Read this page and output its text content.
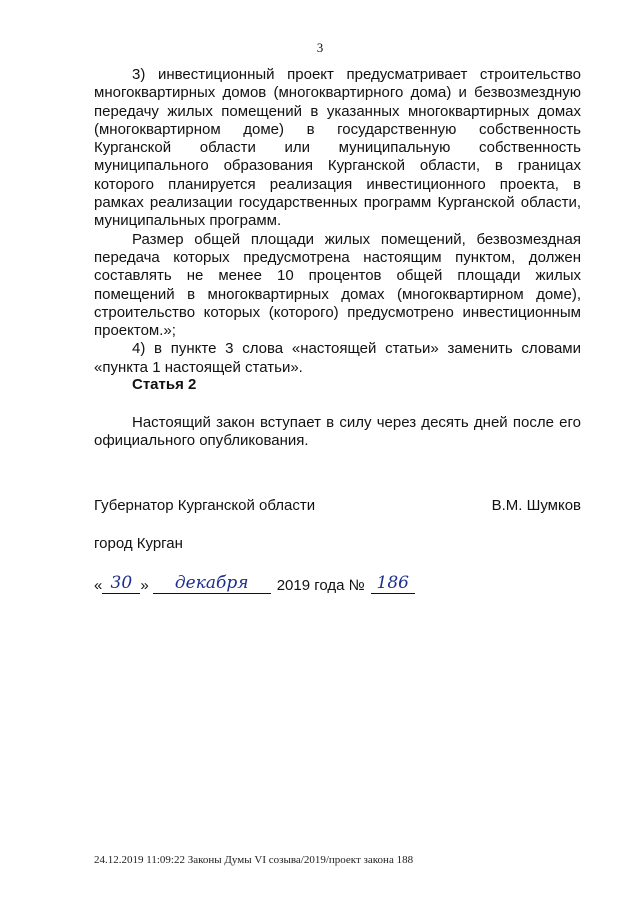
3

3) инвестиционный проект предусматривает строительство многоквартирных домов (многоквартирного дома) и безвозмездную передачу жилых помещений в указанных многоквартирных домах (многоквартирном доме) в государственную собственность Курганской области или муниципальную собственность муниципального образования Курганской области, в границах которого планируется реализация инвестиционного проекта, в рамках реализации государственных программ Курганской области, муниципальных программ.

Размер общей площади жилых помещений, безвозмездная передача которых предусмотрена настоящим пунктом, должен составлять не менее 10 процентов общей площади жилых помещений в многоквартирных домах (многоквартирном доме), строительство которых (которого) предусмотрено инвестиционным проектом.»;

4) в пункте 3 слова «настоящей статьи» заменить словами «пункта 1 настоящей статьи».

Статья 2

Настоящий закон вступает в силу через десять дней после его официального опубликования.

Губернатор Курганской области	В.М. Шумков
город Курган
« 30 »	декабря	2019 года № 186
24.12.2019 11:09:22 Законы Думы VI созыва/2019/проект закона 188
